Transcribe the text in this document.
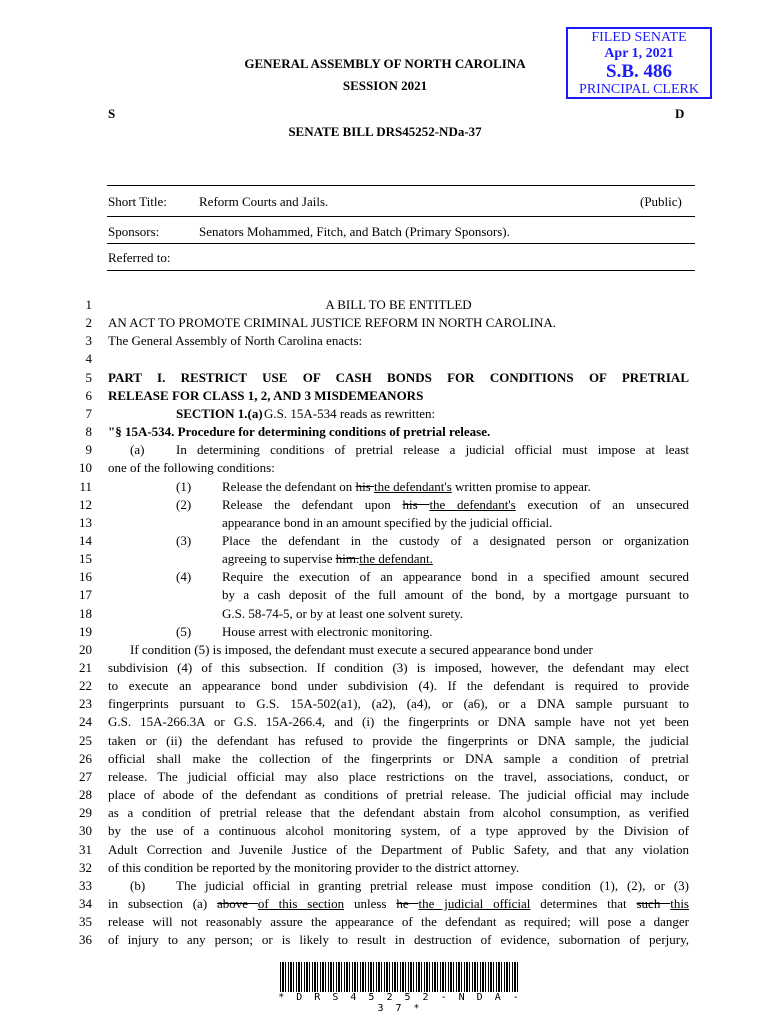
GENERAL ASSEMBLY OF NORTH CAROLINA
SESSION 2021
S	D
SENATE BILL DRS45252-NDa-37
FILED SENATE
Apr 1, 2021
S.B. 486
PRINCIPAL CLERK
Short Title: Reform Courts and Jails.	(Public)
Sponsors:	Senators Mohammed, Fitch, and Batch (Primary Sponsors).
Referred to:
1	A BILL TO BE ENTITLED
2 AN ACT TO PROMOTE CRIMINAL JUSTICE REFORM IN NORTH CAROLINA.
3 The General Assembly of North Carolina enacts:
4
5 PART I. RESTRICT USE OF CASH BONDS FOR CONDITIONS OF PRETRIAL
6 RELEASE FOR CLASS 1, 2, AND 3 MISDEMEANORS
7	SECTION 1.(a) G.S. 15A-534 reads as rewritten:
8 "§ 15A-534. Procedure for determining conditions of pretrial release.
9	(a) In determining conditions of pretrial release a judicial official must impose at least
10 one of the following conditions:
11	(1) Release the defendant on his the defendant's written promise to appear.
12	(2) Release the defendant upon his the defendant's execution of an unsecured
13	appearance bond in an amount specified by the judicial official.
14	(3) Place the defendant in the custody of a designated person or organization
15	agreeing to supervise him.the defendant.
16	(4) Require the execution of an appearance bond in a specified amount secured
17	by a cash deposit of the full amount of the bond, by a mortgage pursuant to
18	G.S. 58-74-5, or by at least one solvent surety.
19	(5) House arrest with electronic monitoring.
20	If condition (5) is imposed, the defendant must execute a secured appearance bond under
21 subdivision (4) of this subsection. If condition (3) is imposed, however, the defendant may elect
22 to execute an appearance bond under subdivision (4). If the defendant is required to provide
23 fingerprints pursuant to G.S. 15A-502(a1), (a2), (a4), or (a6), or a DNA sample pursuant to
24 G.S. 15A-266.3A or G.S. 15A-266.4, and (i) the fingerprints or DNA sample have not yet been
25 taken or (ii) the defendant has refused to provide the fingerprints or DNA sample, the judicial
26 official shall make the collection of the fingerprints or DNA sample a condition of pretrial
27 release. The judicial official may also place restrictions on the travel, associations, conduct, or
28 place of abode of the defendant as conditions of pretrial release. The judicial official may include
29 as a condition of pretrial release that the defendant abstain from alcohol consumption, as verified
30 by the use of a continuous alcohol monitoring system, of a type approved by the Division of
31 Adult Correction and Juvenile Justice of the Department of Public Safety, and that any violation
32 of this condition be reported by the monitoring provider to the district attorney.
33	(b) The judicial official in granting pretrial release must impose condition (1), (2), or (3)
34 in subsection (a) above of this section unless he the judicial official determines that such this
35 release will not reasonably assure the appearance of the defendant as required; will pose a danger
36 of injury to any person; or is likely to result in destruction of evidence, subornation of perjury,
* D R S 4 5 2 5 2 - N D A - 3 7 *
